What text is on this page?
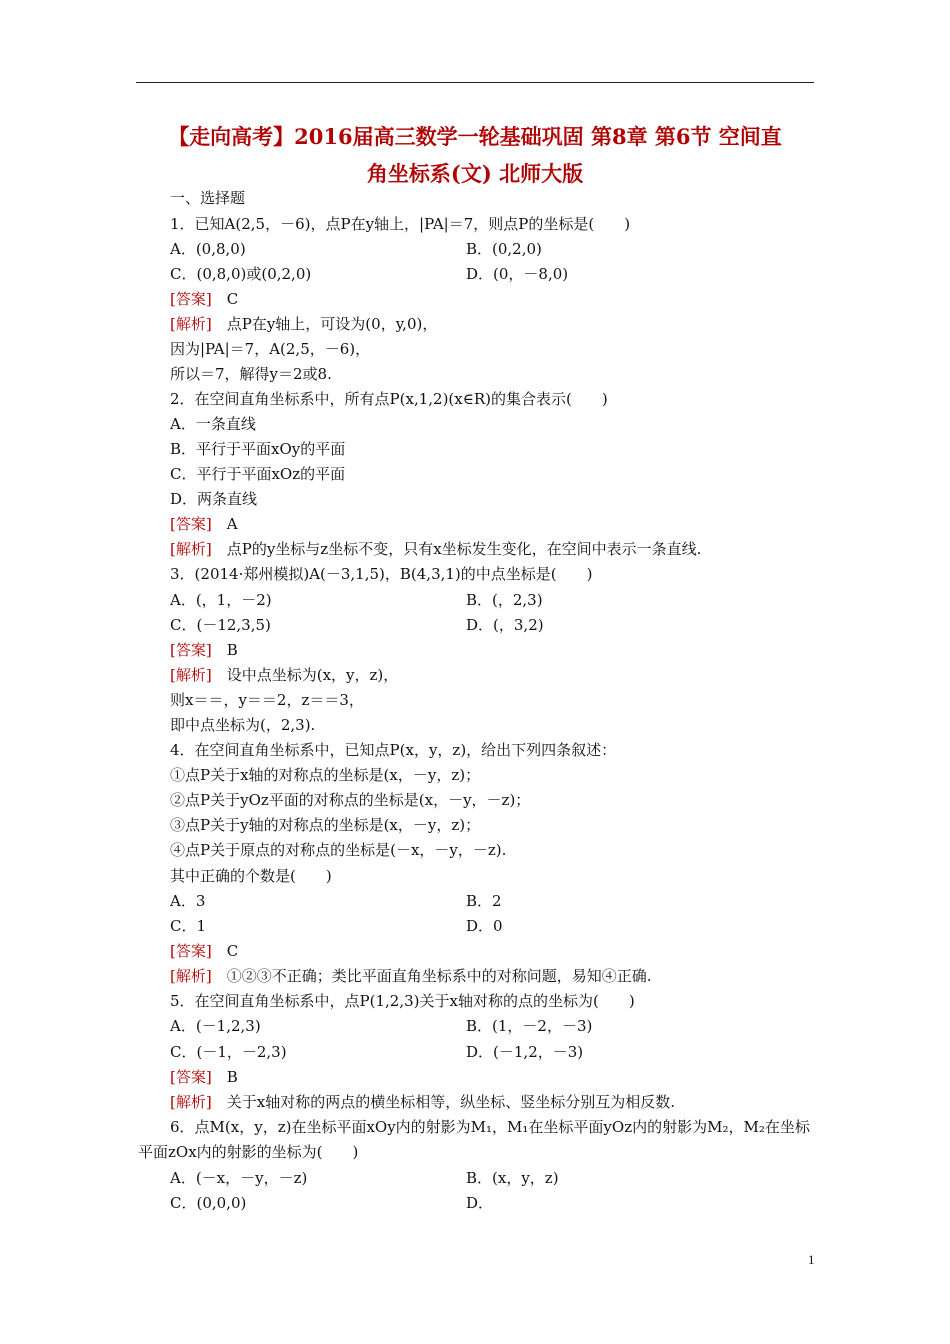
【走向高考】2016届高三数学一轮基础巩固 第8章 第6节 空间直
角坐标系(文) 北师大版
一、选择题
1．已知A(2,5，－6)，点P在y轴上，|PA|＝7，则点P的坐标是(　　)
A．(0,8,0)	B．(0,2,0)
C．(0,8,0)或(0,2,0)	D．(0，－8,0)
[答案]　 C
[解析]　 点P在y轴上，可设为(0，y,0)，
因为|PA|＝7，A(2,5，－6)，
所以＝7，解得y＝2或8.
2．在空间直角坐标系中，所有点P(x,1,2)(x∈R)的集合表示(　　)
A．一条直线
B．平行于平面xOy的平面
C．平行于平面xOz的平面
D．两条直线
[答案]　 A
[解析]　 点P的y坐标与z坐标不变，只有x坐标发生变化，在空间中表示一条直线.
3．(2014·郑州模拟)A(－3,1,5)，B(4,3,1)的中点坐标是(　　)
A．(，1，－2)	B．(，2,3)
C．(－12,3,5)	D．(，3,2)
[答案]　 B
[解析]　 设中点坐标为(x，y，z)，
则x＝＝，y＝＝2，z＝＝3，
即中点坐标为(，2,3).
4．在空间直角坐标系中，已知点P(x，y，z)，给出下列四条叙述：
①点P关于x轴的对称点的坐标是(x，－y，z)；
②点P关于yOz平面的对称点的坐标是(x，－y，－z)；
③点P关于y轴的对称点的坐标是(x，－y，z)；
④点P关于原点的对称点的坐标是(－x，－y，－z).
其中正确的个数是(　　)
A．3	B．2
C．1	D．0
[答案]　 C
[解析]　 ①②③不正确；类比平面直角坐标系中的对称问题，易知④正确.
5．在空间直角坐标系中，点P(1,2,3)关于x轴对称的点的坐标为(　　)
A．(－1,2,3)	B．(1，－2，－3)
C．(－1，－2,3)	D．(－1,2，－3)
[答案]　 B
[解析]　 关于x轴对称的两点的横坐标相等，纵坐标、竖坐标分别互为相反数.
6．点M(x，y，z)在坐标平面xOy内的射影为M₁，M₁在坐标平面yOz内的射影为M₂，M₂在坐标
平面zOx内的射影的坐标为(　　)
A．(－x，－y，－z)	B．(x，y，z)
C．(0,0,0)	D．
1
